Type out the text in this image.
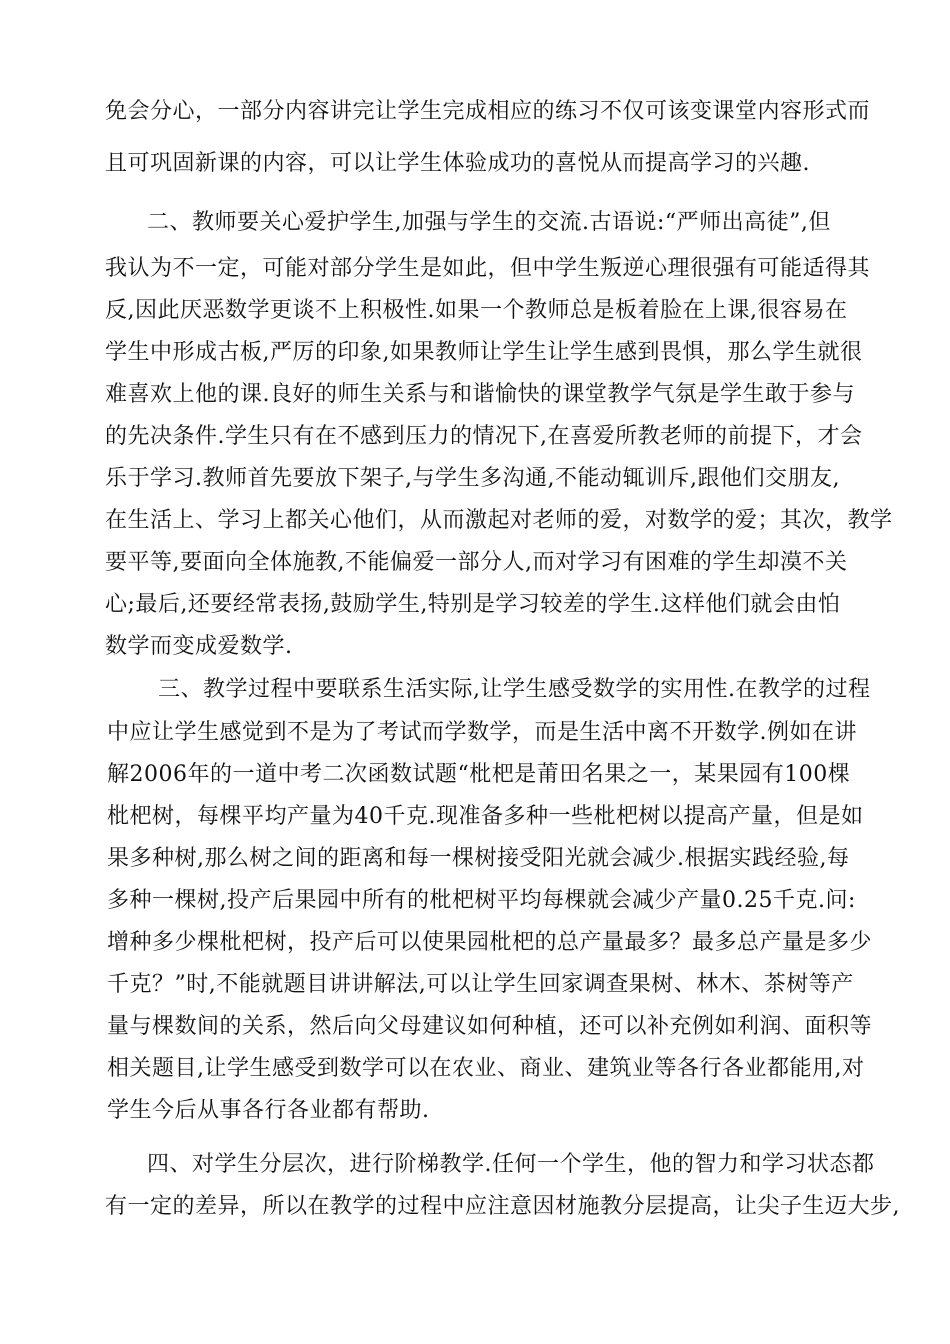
免会分心，一部分内容讲完让学生完成相应的练习不仅可该变课堂内容形式而
且可巩固新课的内容，可以让学生体验成功的喜悦从而提高学习的兴趣.
二、教师要关心爱护学生,加强与学生的交流.古语说:“严师出高徒”,但
我认为不一定，可能对部分学生是如此，但中学生叛逆心理很强有可能适得其
反,因此厌恶数学更谈不上积极性.如果一个教师总是板着脸在上课,很容易在
学生中形成古板,严厉的印象,如果教师让学生让学生感到畏惧，那么学生就很
难喜欢上他的课.良好的师生关系与和谐愉快的课堂教学气氛是学生敢于参与
的先决条件.学生只有在不感到压力的情况下,在喜爱所教老师的前提下，才会
乐于学习.教师首先要放下架子,与学生多沟通,不能动辄训斥,跟他们交朋友,
在生活上、学习上都关心他们，从而激起对老师的爱，对数学的爱；其次，教学
要平等,要面向全体施教,不能偏爱一部分人,而对学习有困难的学生却漠不关
心;最后,还要经常表扬,鼓励学生,特别是学习较差的学生.这样他们就会由怕
数学而变成爱数学.
三、教学过程中要联系生活实际,让学生感受数学的实用性.在教学的过程
中应让学生感觉到不是为了考试而学数学，而是生活中离不开数学.例如在讲
解2006年的一道中考二次函数试题“枇杷是莆田名果之一，某果园有100棵
枇杷树，每棵平均产量为40千克.现准备多种一些枇杷树以提高产量，但是如
果多种树,那么树之间的距离和每一棵树接受阳光就会减少.根据实践经验,每
多种一棵树,投产后果园中所有的枇杷树平均每棵就会减少产量0.25千克.问:
增种多少棵枇杷树，投产后可以使果园枇杷的总产量最多？最多总产量是多少
千克？”时,不能就题目讲讲解法,可以让学生回家调查果树、林木、茶树等产
量与棵数间的关系，然后向父母建议如何种植，还可以补充例如利润、面积等
相关题目,让学生感受到数学可以在农业、商业、建筑业等各行各业都能用,对
学生今后从事各行各业都有帮助.
四、对学生分层次，进行阶梯教学.任何一个学生，他的智力和学习状态都
有一定的差异，所以在教学的过程中应注意因材施教分层提高，让尖子生迈大步,
